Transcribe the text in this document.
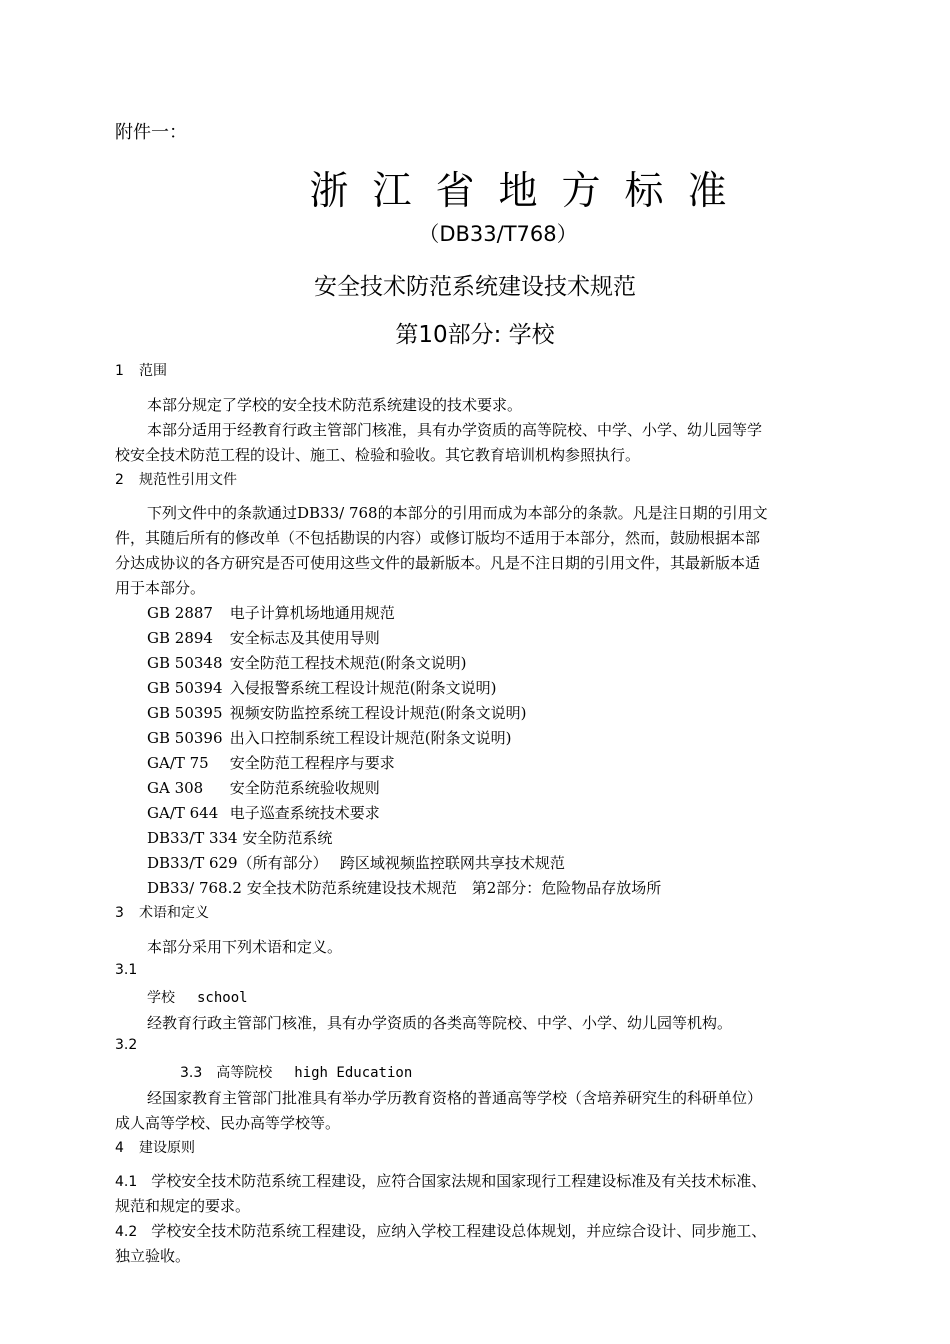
附件一：
浙江省地方标准
（DB33/T768）
安全技术防范系统建设技术规范
第10部分: 学校
1 范围
本部分规定了学校的安全技术防范系统建设的技术要求。
本部分适用于经教育行政主管部门核准，具有办学资质的高等院校、中学、小学、幼儿园等学
校安全技术防范工程的设计、施工、检验和验收。其它教育培训机构参照执行。
2 规范性引用文件
下列文件中的条款通过DB33/ 768的本部分的引用而成为本部分的条款。凡是注日期的引用文
件，其随后所有的修改单（不包括勘误的内容）或修订版均不适用于本部分，然而，鼓励根据本部
分达成协议的各方研究是否可使用这些文件的最新版本。凡是不注日期的引用文件，其最新版本适
用于本部分。
GB 2887 电子计算机场地通用规范
GB 2894 安全标志及其使用导则
GB 50348 安全防范工程技术规范(附条文说明)
GB 50394 入侵报警系统工程设计规范(附条文说明)
GB 50395 视频安防监控系统工程设计规范(附条文说明)
GB 50396 出入口控制系统工程设计规范(附条文说明)
GA/T 75 安全防范工程程序与要求
GA 308 安全防范系统验收规则
GA/T 644 电子巡查系统技术要求
DB33/T 334 安全防范系统
DB33/T 629（所有部分）　 跨区域视频监控联网共享技术规范
DB33/ 768.2 安全技术防范系统建设技术规范　第2部分：危险物品存放场所
3 术语和定义
本部分采用下列术语和定义。
3.1
学校 school
经教育行政主管部门核准，具有办学资质的各类高等院校、中学、小学、幼儿园等机构。
3.2
3.3 高等院校 high Education
经国家教育主管部门批准具有举办学历教育资格的普通高等学校（含培养研究生的科研单位）
成人高等学校、民办高等学校等。
4 建设原则
4.1 学校安全技术防范系统工程建设，应符合国家法规和国家现行工程建设标准及有关技术标准、
规范和规定的要求。
4.2 学校安全技术防范系统工程建设，应纳入学校工程建设总体规划，并应综合设计、同步施工、
独立验收。
